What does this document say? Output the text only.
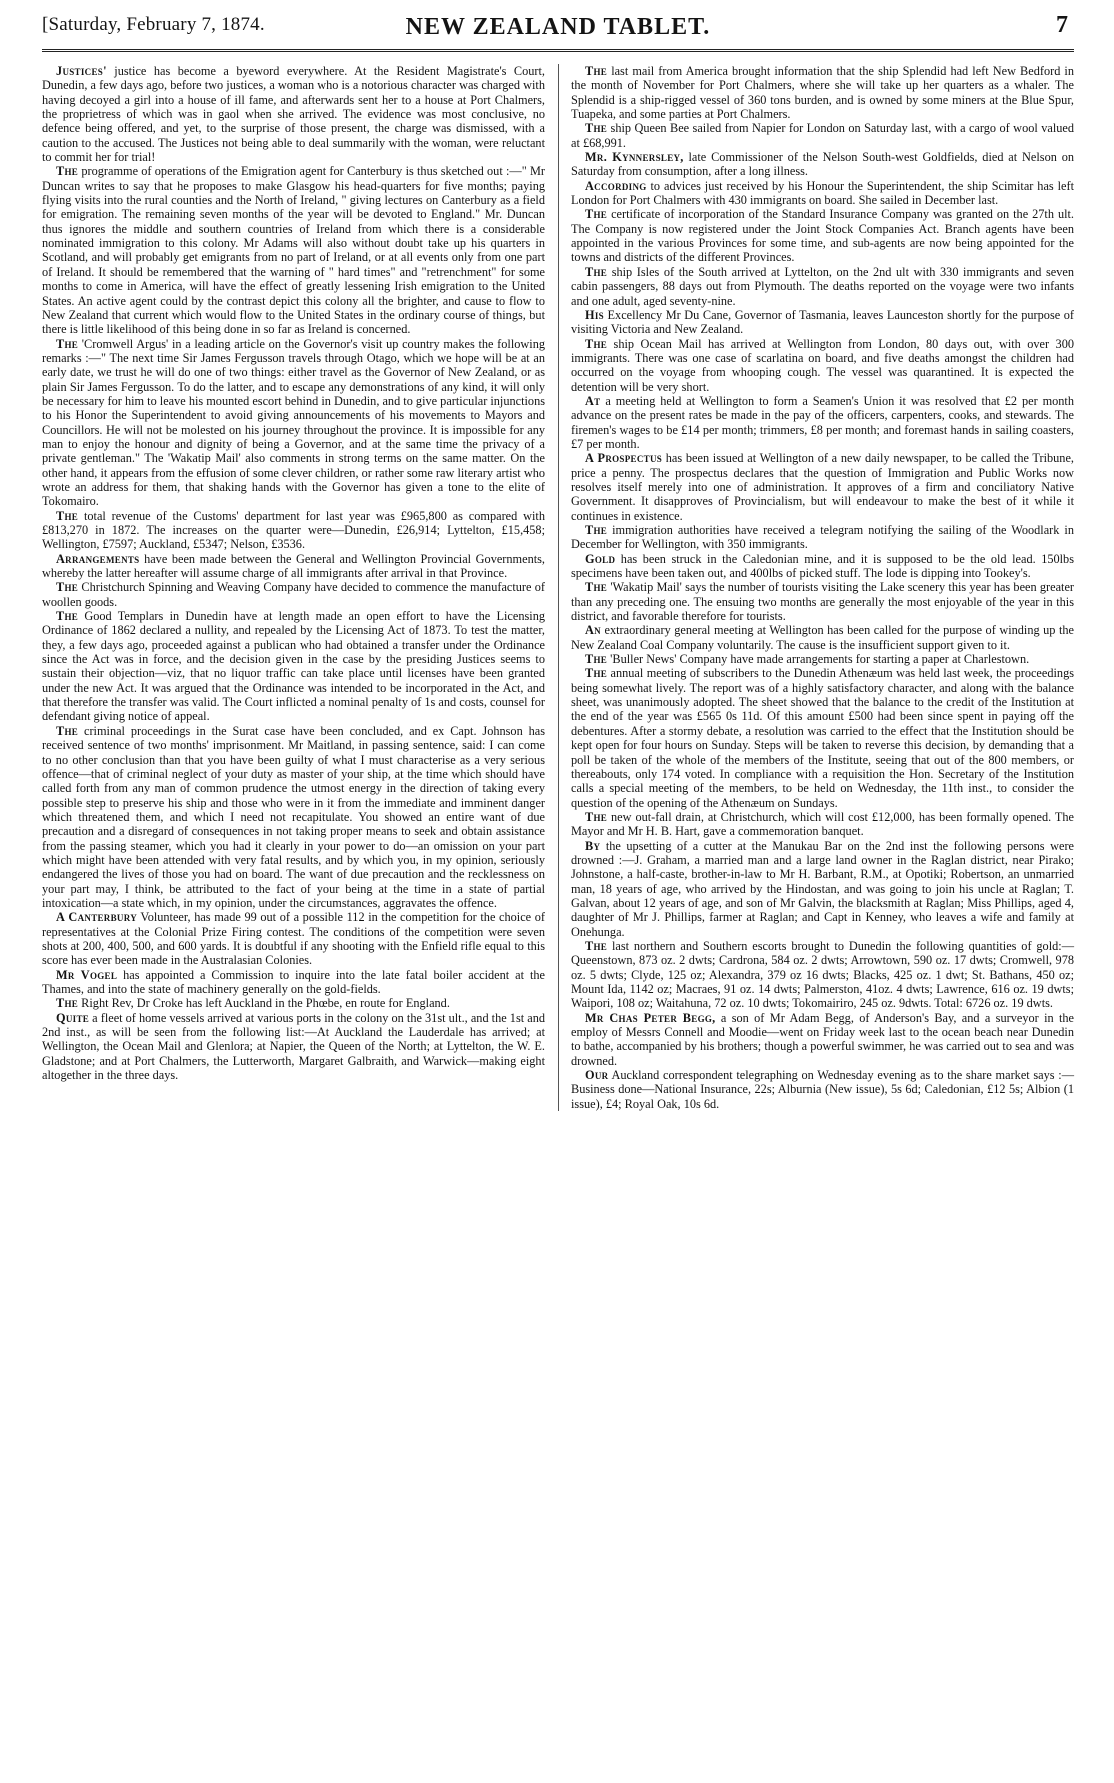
[Saturday, February 7, 1874.	NEW ZEALAND TABLET.	7

Justices' justice has become a byeword everywhere. At the Resident Magistrate's Court, Dunedin, a few days ago, before two justices, a woman who is a notorious character was charged with having decoyed a girl into a house of ill fame, and afterwards sent her to a house at Port Chalmers, the proprietress of which was in gaol when she arrived. The evidence was most conclusive, no defence being offered, and yet, to the surprise of those present, the charge was dismissed, with a caution to the accused. The Justices not being able to deal summarily with the woman, were reluctant to commit her for trial!

The programme of operations of the Emigration agent for Canterbury is thus sketched out :—" Mr Duncan writes to say that he proposes to make Glasgow his head-quarters for five months; paying flying visits into the rural counties and the North of Ireland, " giving lectures on Canterbury as a field for emigration. The remaining seven months of the year will be devoted to England." Mr. Duncan thus ignores the middle and southern countries of Ireland from which there is a considerable nominated immigration to this colony. Mr Adams will also without doubt take up his quarters in Scotland, and will probably get emigrants from no part of Ireland, or at all events only from one part of Ireland. It should be remembered that the warning of " hard times" and "retrenchment" for some months to come in America, will have the effect of greatly lessening Irish emigration to the United States. An active agent could by the contrast depict this colony all the brighter, and cause to flow to New Zealand that current which would flow to the United States in the ordinary course of things, but there is little likelihood of this being done in so far as Ireland is concerned.

The 'Cromwell Argus' in a leading article on the Governor's visit up country makes the following remarks :—" The next time Sir James Fergusson travels through Otago, which we hope will be at an early date, we trust he will do one of two things: either travel as the Governor of New Zealand, or as plain Sir James Fergusson. To do the latter, and to escape any demonstrations of any kind, it will only be necessary for him to leave his mounted escort behind in Dunedin, and to give particular injunctions to his Honor the Superintendent to avoid giving announcements of his movements to Mayors and Councillors. He will not be molested on his journey throughout the province. It is impossible for any man to enjoy the honour and dignity of being a Governor, and at the same time the privacy of a private gentleman." The 'Wakatip Mail' also comments in strong terms on the same matter. On the other hand, it appears from the effusion of some clever children, or rather some raw literary artist who wrote an address for them, that shaking hands with the Governor has given a tone to the elite of Tokomairo.

The total revenue of the Customs' department for last year was £965,800 as compared with £813,270 in 1872. The increases on the quarter were—Dunedin, £26,914; Lyttelton, £15,458; Wellington, £7597; Auckland, £5347; Nelson, £3536.

Arrangements have been made between the General and Wellington Provincial Governments, whereby the latter hereafter will assume charge of all immigrants after arrival in that Province.

The Christchurch Spinning and Weaving Company have decided to commence the manufacture of woollen goods.

The Good Templars in Dunedin have at length made an open effort to have the Licensing Ordinance of 1862 declared a nullity, and repealed by the Licensing Act of 1873. To test the matter, they, a few days ago, proceeded against a publican who had obtained a transfer under the Ordinance since the Act was in force, and the decision given in the case by the presiding Justices seems to sustain their objection—viz, that no liquor traffic can take place until licenses have been granted under the new Act. It was argued that the Ordinance was intended to be incorporated in the Act, and that therefore the transfer was valid. The Court inflicted a nominal penalty of 1s and costs, counsel for defendant giving notice of appeal.

The criminal proceedings in the Surat case have been concluded, and ex Capt. Johnson has received sentence of two months' imprisonment. Mr Maitland, in passing sentence, said: I can come to no other conclusion than that you have been guilty of what I must characterise as a very serious offence—that of criminal neglect of your duty as master of your ship, at the time which should have called forth from any man of common prudence the utmost energy in the direction of taking every possible step to preserve his ship and those who were in it from the immediate and imminent danger which threatened them, and which I need not recapitulate. You showed an entire want of due precaution and a disregard of consequences in not taking proper means to seek and obtain assistance from the passing steamer, which you had it clearly in your power to do—an omission on your part which might have been attended with very fatal results, and by which you, in my opinion, seriously endangered the lives of those you had on board. The want of due precaution and the recklessness on your part may, I think, be attributed to the fact of your being at the time in a state of partial intoxication—a state which, in my opinion, under the circumstances, aggravates the offence.

A Canterbury Volunteer, has made 99 out of a possible 112 in the competition for the choice of representatives at the Colonial Prize Firing contest. The conditions of the competition were seven shots at 200, 400, 500, and 600 yards. It is doubtful if any shooting with the Enfield rifle equal to this score has ever been made in the Australasian Colonies.

Mr Vogel has appointed a Commission to inquire into the late fatal boiler accident at the Thames, and into the state of machinery generally on the gold-fields.

The Right Rev, Dr Croke has left Auckland in the Phœbe, en route for England.

Quite a fleet of home vessels arrived at various ports in the colony on the 31st ult., and the 1st and 2nd inst., as will be seen from the following list:—At Auckland the Lauderdale has arrived; at Wellington, the Ocean Mail and Glenlora; at Napier, the Queen of the North; at Lyttelton, the W. E. Gladstone; and at Port Chalmers, the Lutterworth, Margaret Galbraith, and Warwick—making eight altogether in the three days.

The last mail from America brought information that the ship Splendid had left New Bedford in the month of November for Port Chalmers, where she will take up her quarters as a whaler. The Splendid is a ship-rigged vessel of 360 tons burden, and is owned by some miners at the Blue Spur, Tuapeka, and some parties at Port Chalmers.

The ship Queen Bee sailed from Napier for London on Saturday last, with a cargo of wool valued at £68,991.

Mr. Kynnersley, late Commissioner of the Nelson South-west Goldfields, died at Nelson on Saturday from consumption, after a long illness.

According to advices just received by his Honour the Superintendent, the ship Scimitar has left London for Port Chalmers with 430 immigrants on board. She sailed in December last.

The certificate of incorporation of the Standard Insurance Company was granted on the 27th ult. The Company is now registered under the Joint Stock Companies Act. Branch agents have been appointed in the various Provinces for some time, and sub-agents are now being appointed for the towns and districts of the different Provinces.

The ship Isles of the South arrived at Lyttelton, on the 2nd ult with 330 immigrants and seven cabin passengers, 88 days out from Plymouth. The deaths reported on the voyage were two infants and one adult, aged seventy-nine.

His Excellency Mr Du Cane, Governor of Tasmania, leaves Launceston shortly for the purpose of visiting Victoria and New Zealand.

The ship Ocean Mail has arrived at Wellington from London, 80 days out, with over 300 immigrants. There was one case of scarlatina on board, and five deaths amongst the children had occurred on the voyage from whooping cough. The vessel was quarantined. It is expected the detention will be very short.

At a meeting held at Wellington to form a Seamen's Union it was resolved that £2 per month advance on the present rates be made in the pay of the officers, carpenters, cooks, and stewards. The firemen's wages to be £14 per month; trimmers, £8 per month; and foremast hands in sailing coasters, £7 per month.

A Prospectus has been issued at Wellington of a new daily newspaper, to be called the Tribune, price a penny. The prospectus declares that the question of Immigration and Public Works now resolves itself merely into one of administration. It approves of a firm and conciliatory Native Government. It disapproves of Provincialism, but will endeavour to make the best of it while it continues in existence.

The immigration authorities have received a telegram notifying the sailing of the Woodlark in December for Wellington, with 350 immigrants.

Gold has been struck in the Caledonian mine, and it is supposed to be the old lead. 150lbs specimens have been taken out, and 400lbs of picked stuff. The lode is dipping into Tookey's.

The 'Wakatip Mail' says the number of tourists visiting the Lake scenery this year has been greater than any preceding one. The ensuing two months are generally the most enjoyable of the year in this district, and favorable therefore for tourists.

An extraordinary general meeting at Wellington has been called for the purpose of winding up the New Zealand Coal Company voluntarily. The cause is the insufficient support given to it.

The 'Buller News' Company have made arrangements for starting a paper at Charlestown.

The annual meeting of subscribers to the Dunedin Athenæum was held last week, the proceedings being somewhat lively. The report was of a highly satisfactory character, and along with the balance sheet, was unanimously adopted. The sheet showed that the balance to the credit of the Institution at the end of the year was £565 0s 11d. Of this amount £500 had been since spent in paying off the debentures. After a stormy debate, a resolution was carried to the effect that the Institution should be kept open for four hours on Sunday. Steps will be taken to reverse this decision, by demanding that a poll be taken of the whole of the members of the Institute, seeing that out of the 800 members, or thereabouts, only 174 voted. In compliance with a requisition the Hon. Secretary of the Institution calls a special meeting of the members, to be held on Wednesday, the 11th inst., to consider the question of the opening of the Athenæum on Sundays.

The new out-fall drain, at Christchurch, which will cost £12,000, has been formally opened. The Mayor and Mr H. B. Hart, gave a commemoration banquet.

By the upsetting of a cutter at the Manukau Bar on the 2nd inst the following persons were drowned :—J. Graham, a married man and a large land owner in the Raglan district, near Pirako; Johnstone, a half-caste, brother-in-law to Mr H. Barbant, R.M., at Opotiki; Robertson, an unmarried man, 18 years of age, who arrived by the Hindostan, and was going to join his uncle at Raglan; T. Galvan, about 12 years of age, and son of Mr Galvin, the blacksmith at Raglan; Miss Phillips, aged 4, daughter of Mr J. Phillips, farmer at Raglan; and Capt in Kenney, who leaves a wife and family at Onehunga.

The last northern and Southern escorts brought to Dunedin the following quantities of gold:—Queenstown, 873 oz. 2 dwts; Cardrona, 584 oz. 2 dwts; Arrowtown, 590 oz. 17 dwts; Cromwell, 978 oz. 5 dwts; Clyde, 125 oz; Alexandra, 379 oz 16 dwts; Blacks, 425 oz. 1 dwt; St. Bathans, 450 oz; Mount Ida, 1142 oz; Macraes, 91 oz. 14 dwts; Palmerston, 41oz. 4 dwts; Lawrence, 616 oz. 19 dwts; Waipori, 108 oz; Waitahuna, 72 oz. 10 dwts; Tokomairiro, 245 oz. 9dwts. Total: 6726 oz. 19 dwts.

Mr Chas Peter Begg, a son of Mr Adam Begg, of Anderson's Bay, and a surveyor in the employ of Messrs Connell and Moodie—went on Friday week last to the ocean beach near Dunedin to bathe, accompanied by his brothers; though a powerful swimmer, he was carried out to sea and was drowned.

Our Auckland correspondent telegraphing on Wednesday evening as to the share market says :—Business done—National Insurance, 22s; Alburnia (New issue), 5s 6d; Caledonian, £12 5s; Albion (1 issue), £4; Royal Oak, 10s 6d.
